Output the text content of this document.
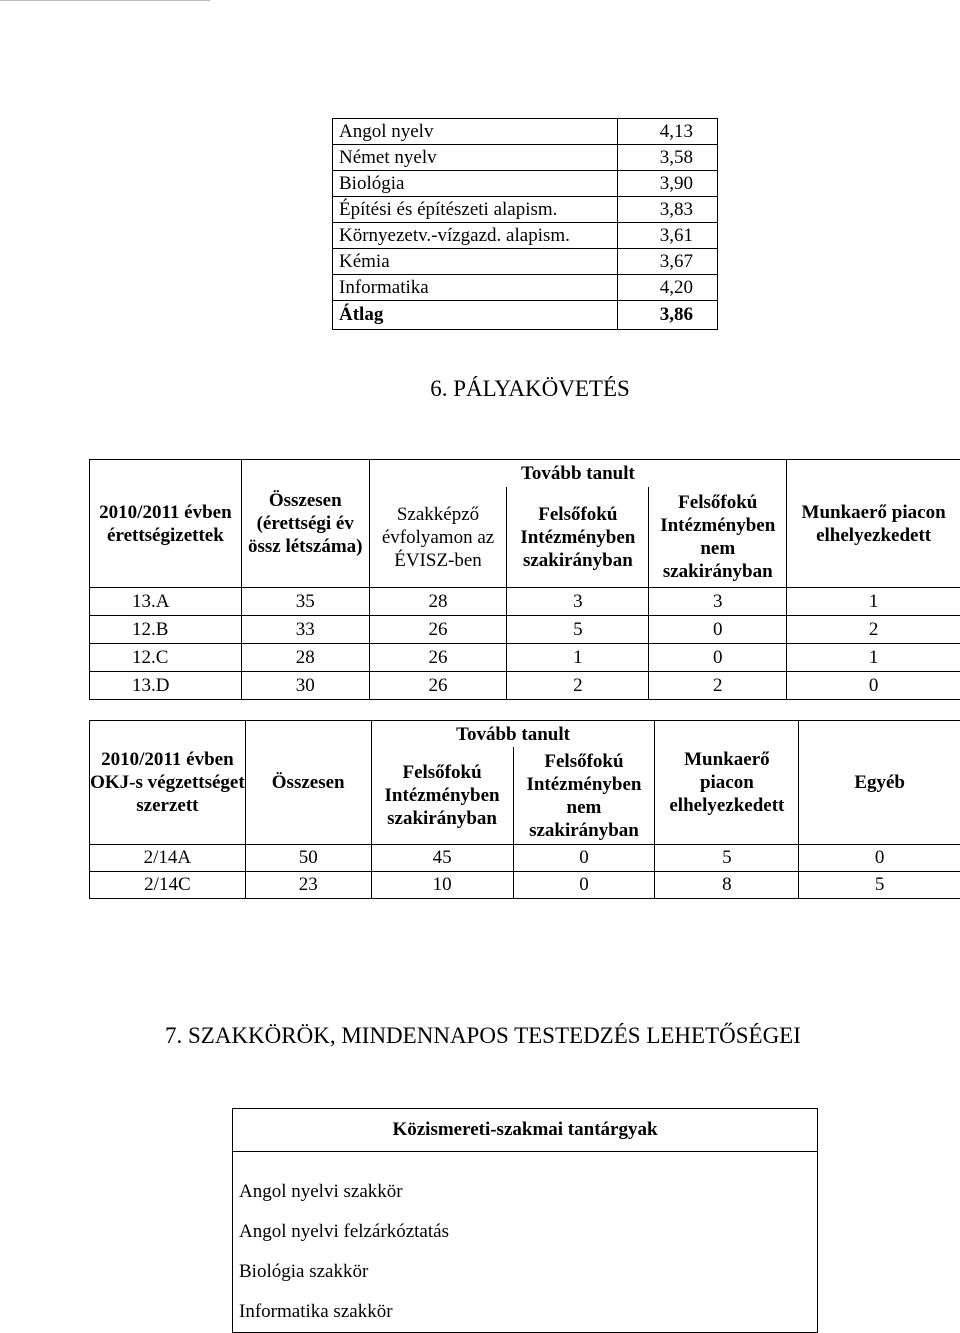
Angol nyelv	4,13
Német nyelv	3,58
Biológia	3,90
Építési és építészeti alapism.	3,83
Környezetv.-vízgazd. alapism.	3,61
Kémia	3,67
Informatika	4,20
Átlag	3,86
6. PÁLYAKÖVETÉS
2010/2011 évben érettségizettek	Összesen (érettségi év össz létszáma)	Tovább tanult			Munkaerő piacon elhelyezkedett
		Szakképző évfolyamon az ÉVISZ-ben	Felsőfokú Intézményben szakirányban	Felsőfokú Intézményben nem szakirányban	
13.A	35	28	3	3	1
12.B	33	26	5	0	2
12.C	28	26	1	0	1
13.D	30	26	2	2	0
2010/2011 évben OKJ-s végzettséget szerzett	Összesen	Tovább tanult		Munkaerő piacon elhelyezkedett	Egyéb
		Felsőfokú Intézményben szakirányban	Felsőfokú Intézményben nem szakirányban		
2/14A	50	45	0	5	0
2/14C	23	10	0	8	5
7. SZAKKÖRÖK, MINDENNAPOS TESTEDZÉS LEHETŐSÉGEI
Közismereti-szakmai tantárgyak

Angol nyelvi szakkör
Angol nyelvi felzárkóztatás
Biológia szakkör
Informatika szakkör
